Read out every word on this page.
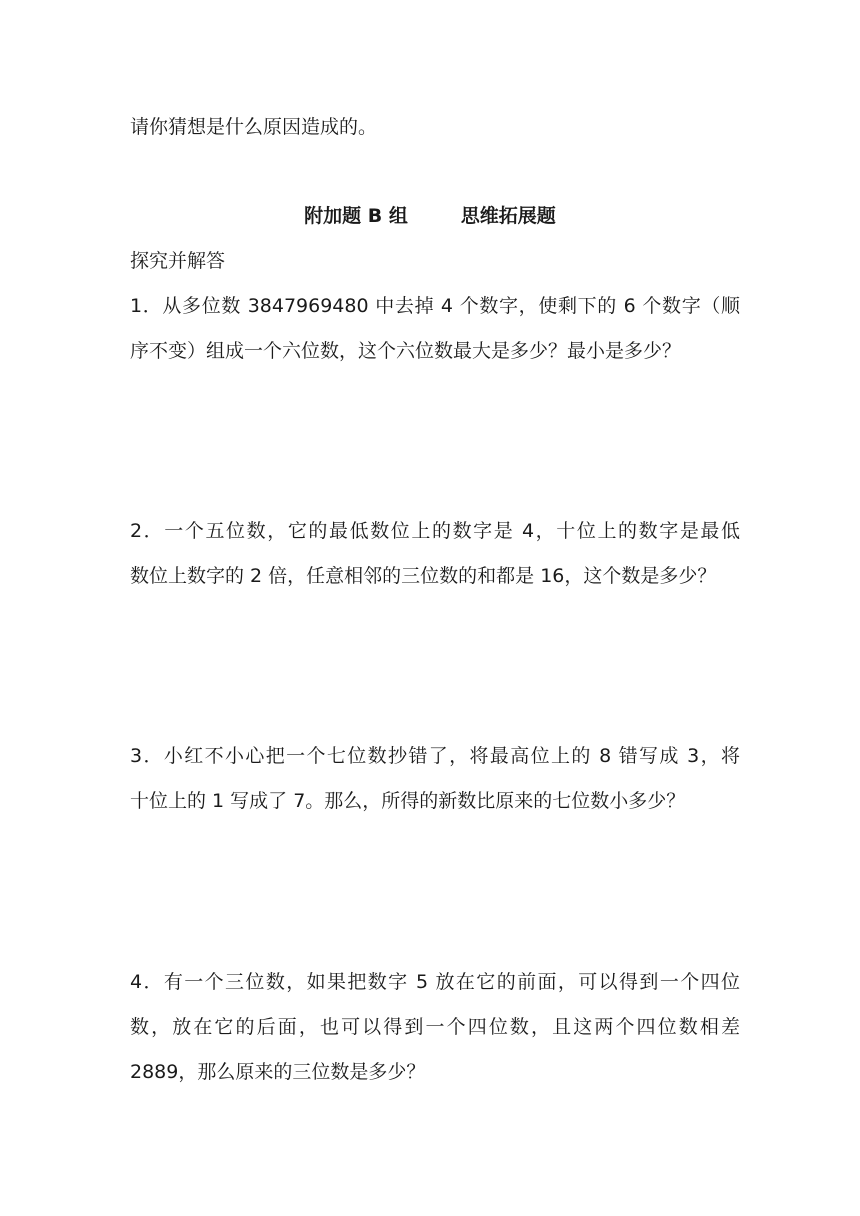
请你猜想是什么原因造成的。
附加题 B 组        思维拓展题
探究并解答
1．从多位数 3847969480 中去掉 4 个数字，使剩下的 6 个数字（顺
序不变）组成一个六位数，这个六位数最大是多少？最小是多少？
2．一个五位数，它的最低数位上的数字是 4，十位上的数字是最低
数位上数字的 2 倍，任意相邻的三位数的和都是 16，这个数是多少？
3．小红不小心把一个七位数抄错了，将最高位上的 8 错写成 3，将
十位上的 1 写成了 7。那么，所得的新数比原来的七位数小多少？
4．有一个三位数，如果把数字 5 放在它的前面，可以得到一个四位
数，放在它的后面，也可以得到一个四位数，且这两个四位数相差
2889，那么原来的三位数是多少？
